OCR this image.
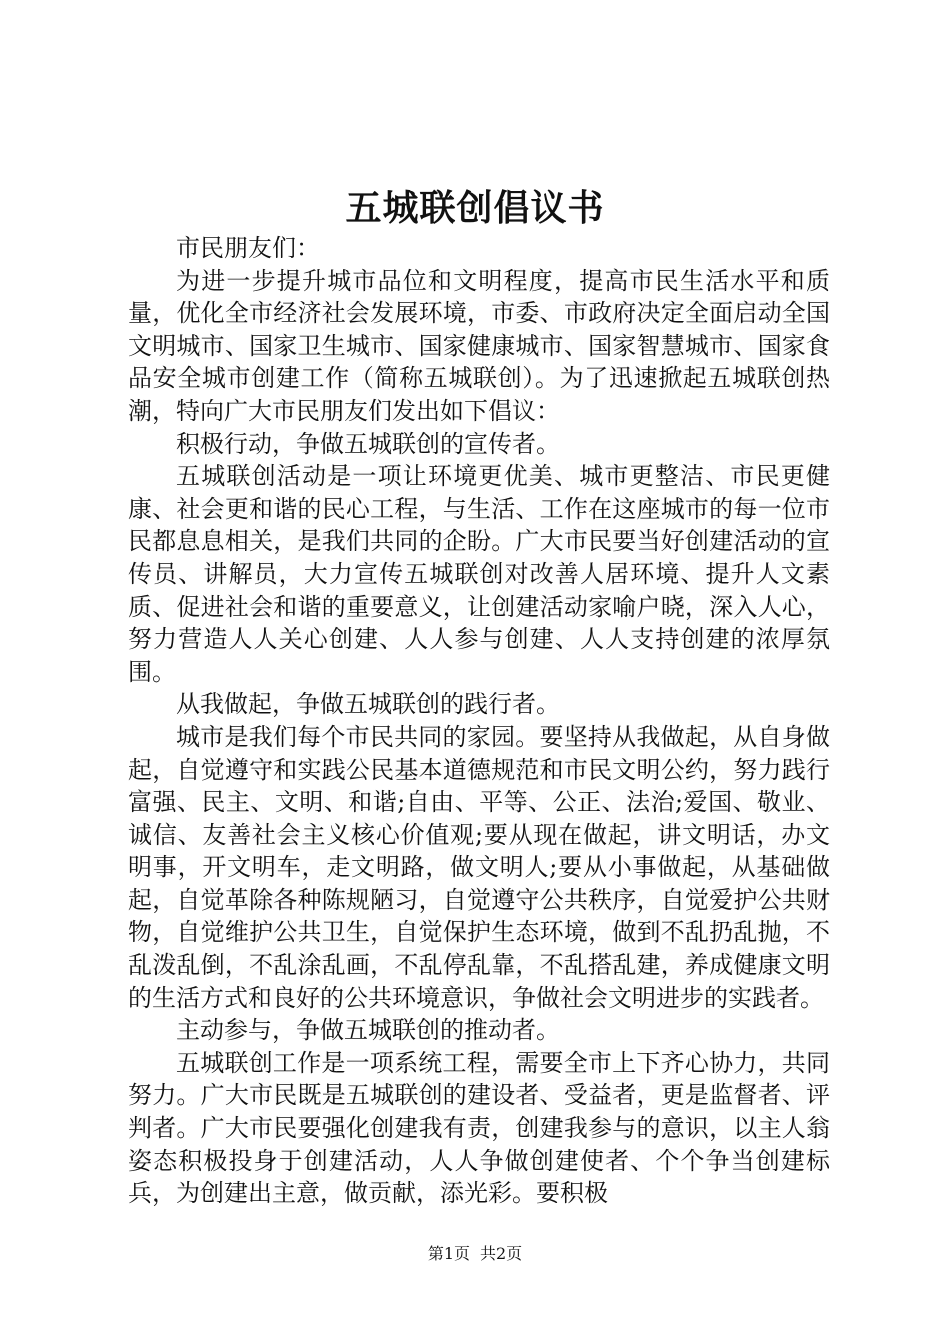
五城联创倡议书

市民朋友们：

为进一步提升城市品位和文明程度，提高市民生活水平和质量，优化全市经济社会发展环境，市委、市政府决定全面启动全国文明城市、国家卫生城市、国家健康城市、国家智慧城市、国家食品安全城市创建工作（简称五城联创）。为了迅速掀起五城联创热潮，特向广大市民朋友们发出如下倡议：

积极行动，争做五城联创的宣传者。

五城联创活动是一项让环境更优美、城市更整洁、市民更健康、社会更和谐的民心工程，与生活、工作在这座城市的每一位市民都息息相关，是我们共同的企盼。广大市民要当好创建活动的宣传员、讲解员，大力宣传五城联创对改善人居环境、提升人文素质、促进社会和谐的重要意义，让创建活动家喻户晓，深入人心，努力营造人人关心创建、人人参与创建、人人支持创建的浓厚氛围。

从我做起，争做五城联创的践行者。

城市是我们每个市民共同的家园。要坚持从我做起，从自身做起，自觉遵守和实践公民基本道德规范和市民文明公约，努力践行富强、民主、文明、和谐;自由、平等、公正、法治;爱国、敬业、诚信、友善社会主义核心价值观;要从现在做起，讲文明话，办文明事，开文明车，走文明路，做文明人;要从小事做起，从基础做起，自觉革除各种陈规陋习，自觉遵守公共秩序，自觉爱护公共财物，自觉维护公共卫生，自觉保护生态环境，做到不乱扔乱抛，不乱泼乱倒，不乱涂乱画，不乱停乱靠，不乱搭乱建，养成健康文明的生活方式和良好的公共环境意识，争做社会文明进步的实践者。

主动参与，争做五城联创的推动者。

五城联创工作是一项系统工程，需要全市上下齐心协力，共同努力。广大市民既是五城联创的建设者、受益者，更是监督者、评判者。广大市民要强化创建我有责，创建我参与的意识，以主人翁姿态积极投身于创建活动，人人争做创建使者、个个争当创建标兵，为创建出主意，做贡献，添光彩。要积极

第1页 共2页
